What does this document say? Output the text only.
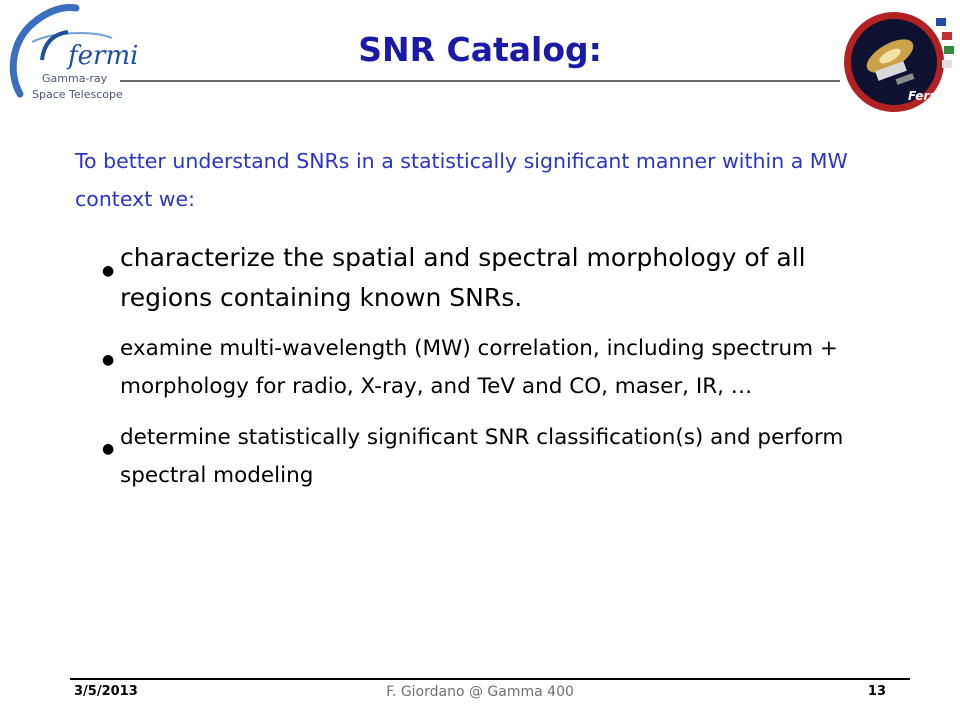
fermi
Gamma-ray
Space Telescope
SNR Catalog:
Fermi
To better understand SNRs in a statistically significant manner within a MW context we:
● characterize the spatial and spectral morphology of all regions containing known SNRs.
● examine multi-wavelength (MW) correlation, including spectrum + morphology for radio, X-ray, and TeV and CO, maser, IR, …
● determine statistically significant SNR classification(s) and perform spectral modeling
3/5/2013	F. Giordano @ Gamma 400	13
